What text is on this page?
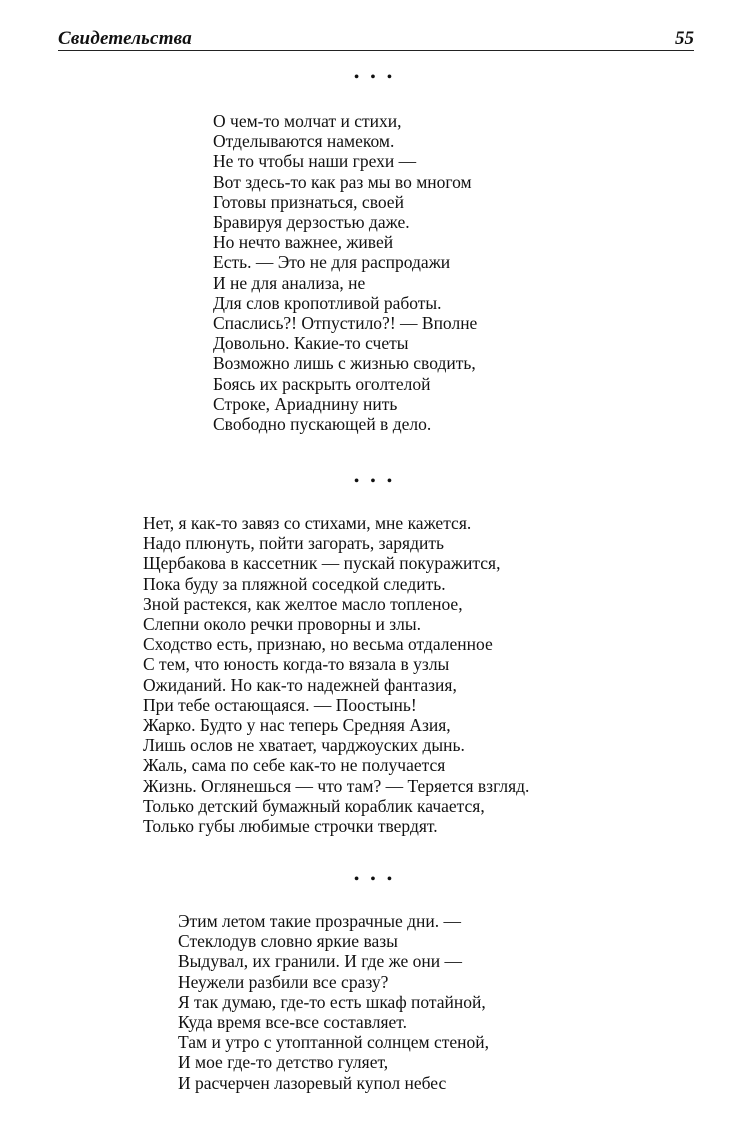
Свидетельства	55
• • •
О чем-то молчат и стихи,
Отделываются намеком.
Не то чтобы наши грехи —
Вот здесь-то как раз мы во многом
Готовы признаться, своей
Бравируя дерзостью даже.
Но нечто важнее, живей
Есть. — Это не для распродажи
И не для анализа, не
Для слов кропотливой работы.
Спаслись?! Отпустило?! — Вполне
Довольно. Какие-то счеты
Возможно лишь с жизнью сводить,
Боясь их раскрыть оголтелой
Строке, Ариаднину нить
Свободно пускающей в дело.
• • •
Нет, я как-то завяз со стихами, мне кажется.
Надо плюнуть, пойти загорать, зарядить
Щербакова в кассетник — пускай покуражится,
Пока буду за пляжной соседкой следить.
Зной растекся, как желтое масло топленое,
Слепни около речки проворны и злы.
Сходство есть, признаю, но весьма отдаленное
С тем, что юность когда-то вязала в узлы
Ожиданий. Но как-то надежней фантазия,
При тебе остающаяся. — Поостынь!
Жарко. Будто у нас теперь Средняя Азия,
Лишь ослов не хватает, чарджоуских дынь.
Жаль, сама по себе как-то не получается
Жизнь. Оглянешься — что там? — Теряется взгляд.
Только детский бумажный кораблик качается,
Только губы любимые строчки твердят.
• • •
Этим летом такие прозрачные дни. —
Стеклодув словно яркие вазы
Выдувал, их гранили. И где же они —
Неужели разбили все сразу?
Я так думаю, где-то есть шкаф потайной,
Куда время все-все составляет.
Там и утро с утоптанной солнцем стеной,
И мое где-то детство гуляет,
И расчерчен лазоревый купол небес
